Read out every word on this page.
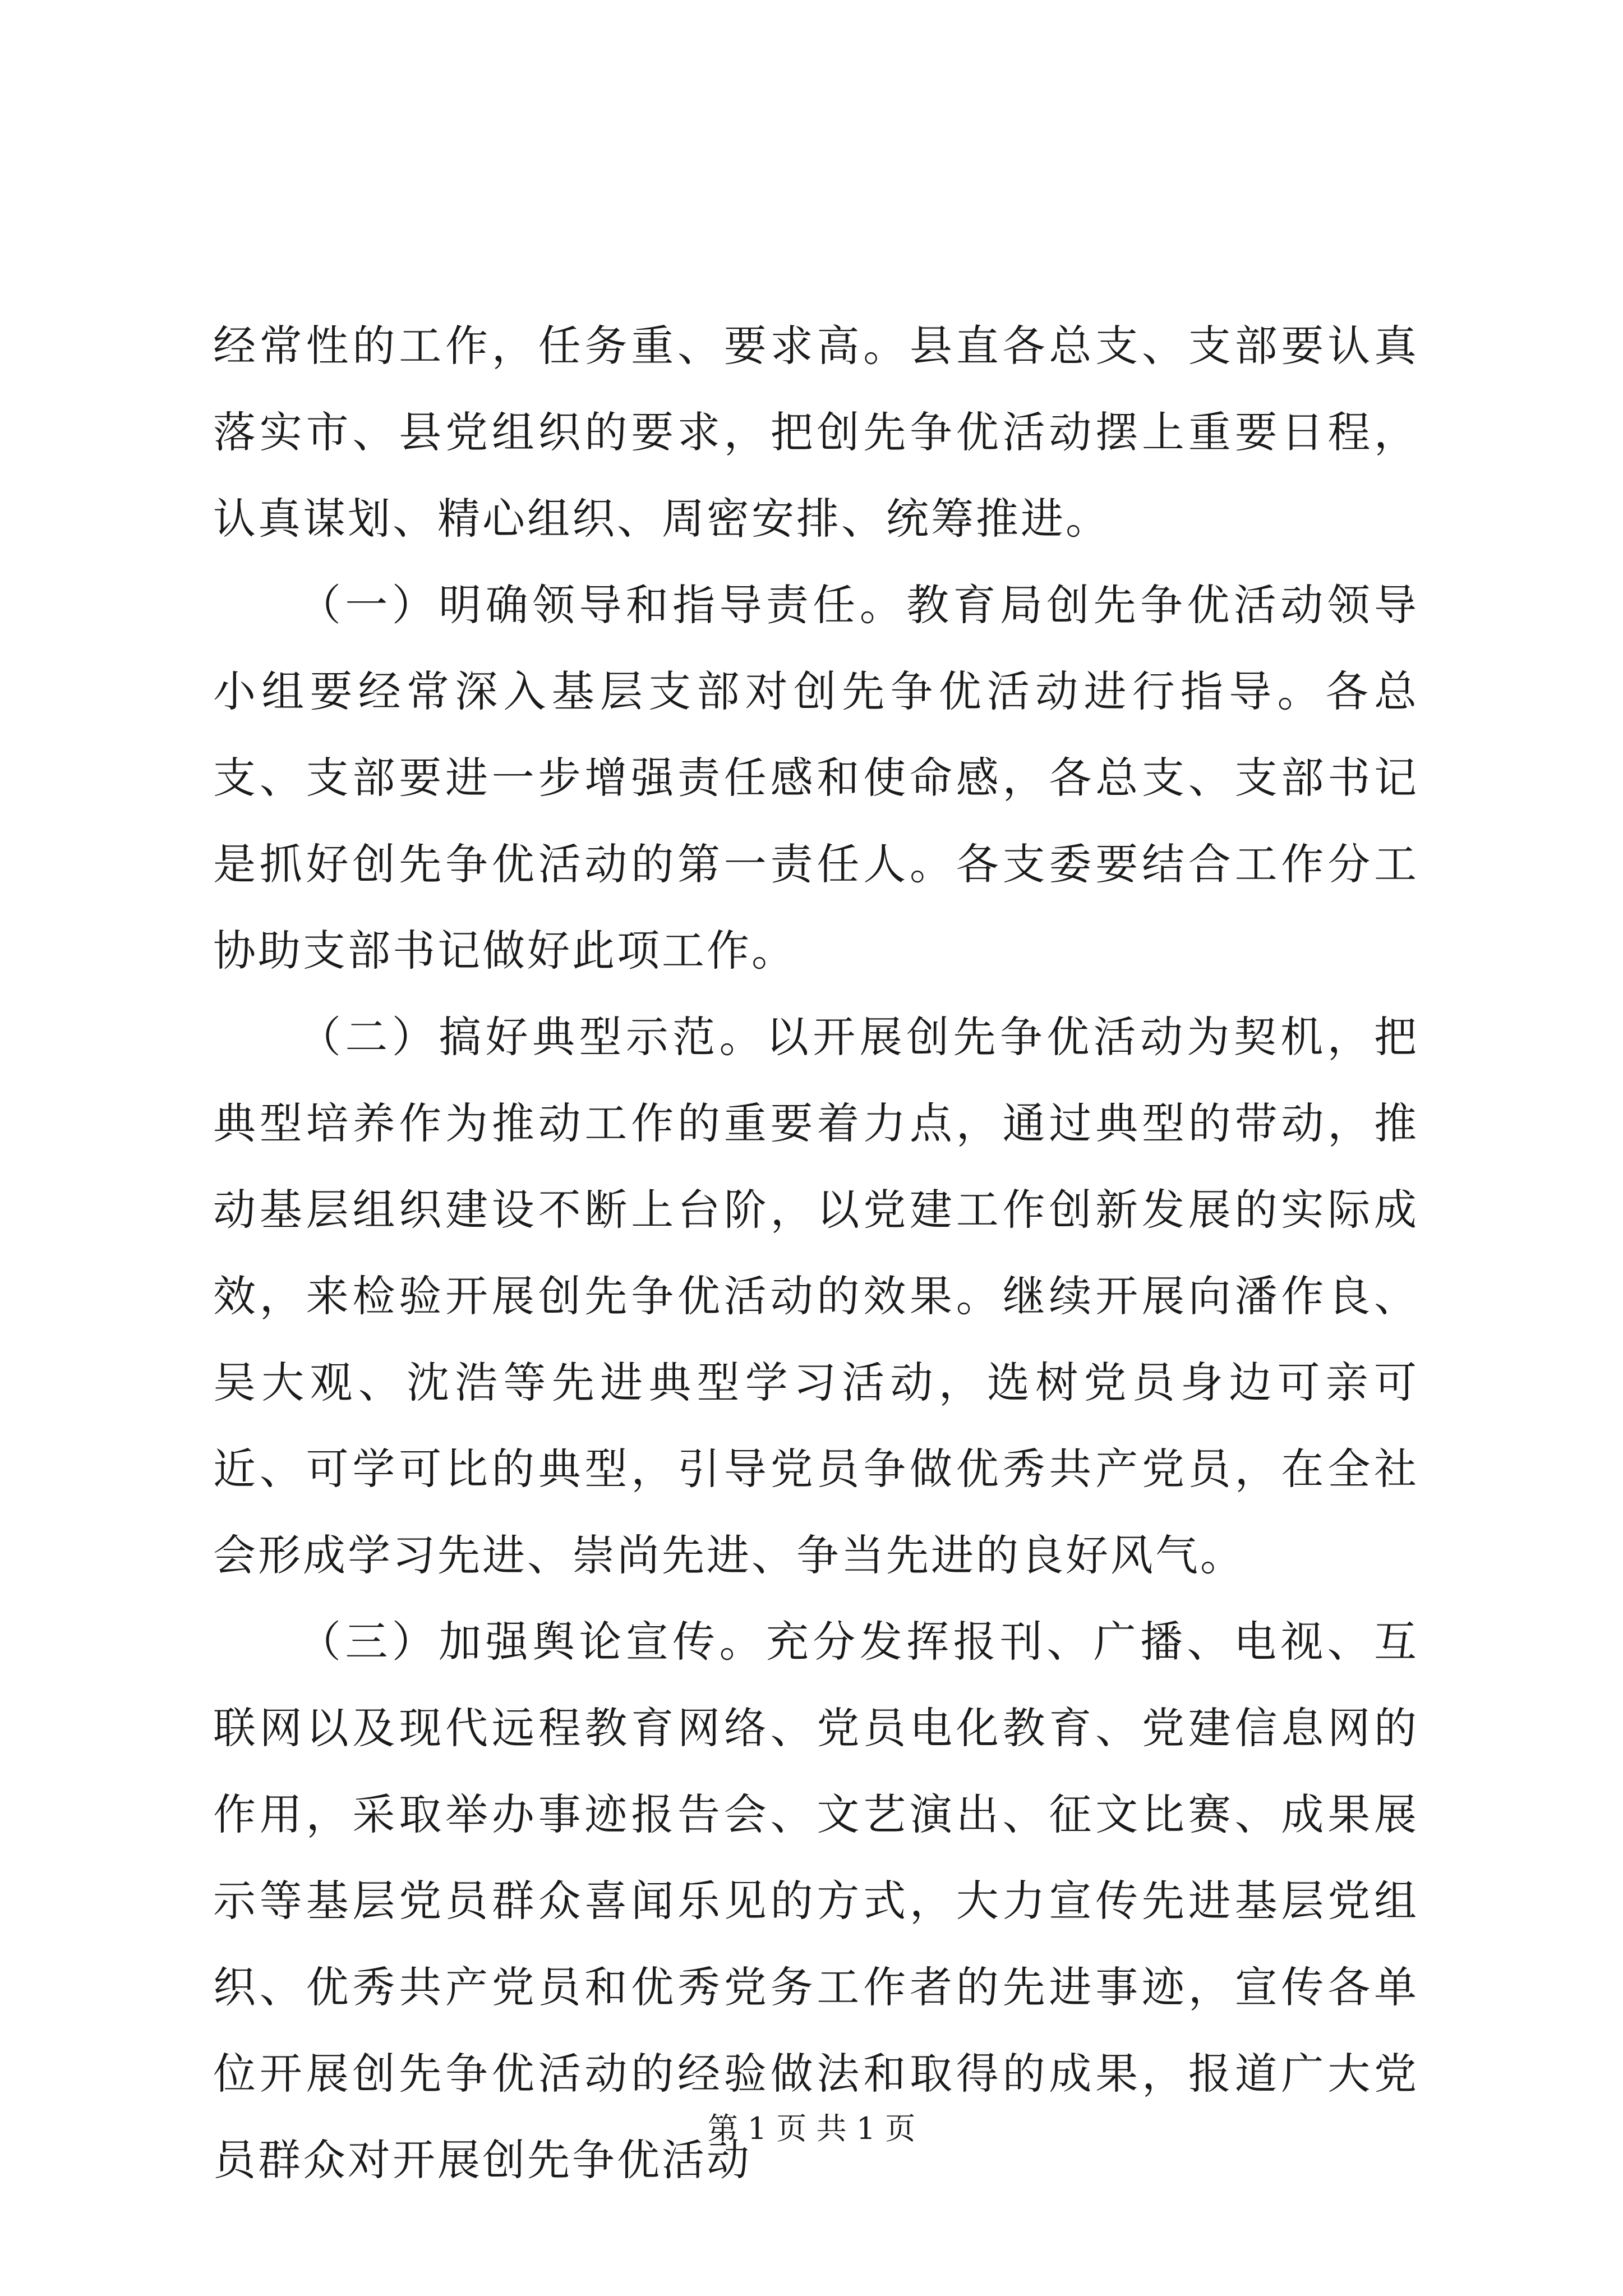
经常性的工作，任务重、要求高。县直各总支、支部要认真落实市、县党组织的要求，把创先争优活动摆上重要日程，认真谋划、精心组织、周密安排、统筹推进。

（一）明确领导和指导责任。教育局创先争优活动领导小组要经常深入基层支部对创先争优活动进行指导。各总支、支部要进一步增强责任感和使命感，各总支、支部书记是抓好创先争优活动的第一责任人。各支委要结合工作分工协助支部书记做好此项工作。

（二）搞好典型示范。以开展创先争优活动为契机，把典型培养作为推动工作的重要着力点，通过典型的带动，推动基层组织建设不断上台阶，以党建工作创新发展的实际成效，来检验开展创先争优活动的效果。继续开展向潘作良、吴大观、沈浩等先进典型学习活动，选树党员身边可亲可近、可学可比的典型，引导党员争做优秀共产党员，在全社会形成学习先进、崇尚先进、争当先进的良好风气。

（三）加强舆论宣传。充分发挥报刊、广播、电视、互联网以及现代远程教育网络、党员电化教育、党建信息网的作用，采取举办事迹报告会、文艺演出、征文比赛、成果展示等基层党员群众喜闻乐见的方式，大力宣传先进基层党组织、优秀共产党员和优秀党务工作者的先进事迹，宣传各单位开展创先争优活动的经验做法和取得的成果，报道广大党员群众对开展创先争优活动

第 1 页 共 1 页
